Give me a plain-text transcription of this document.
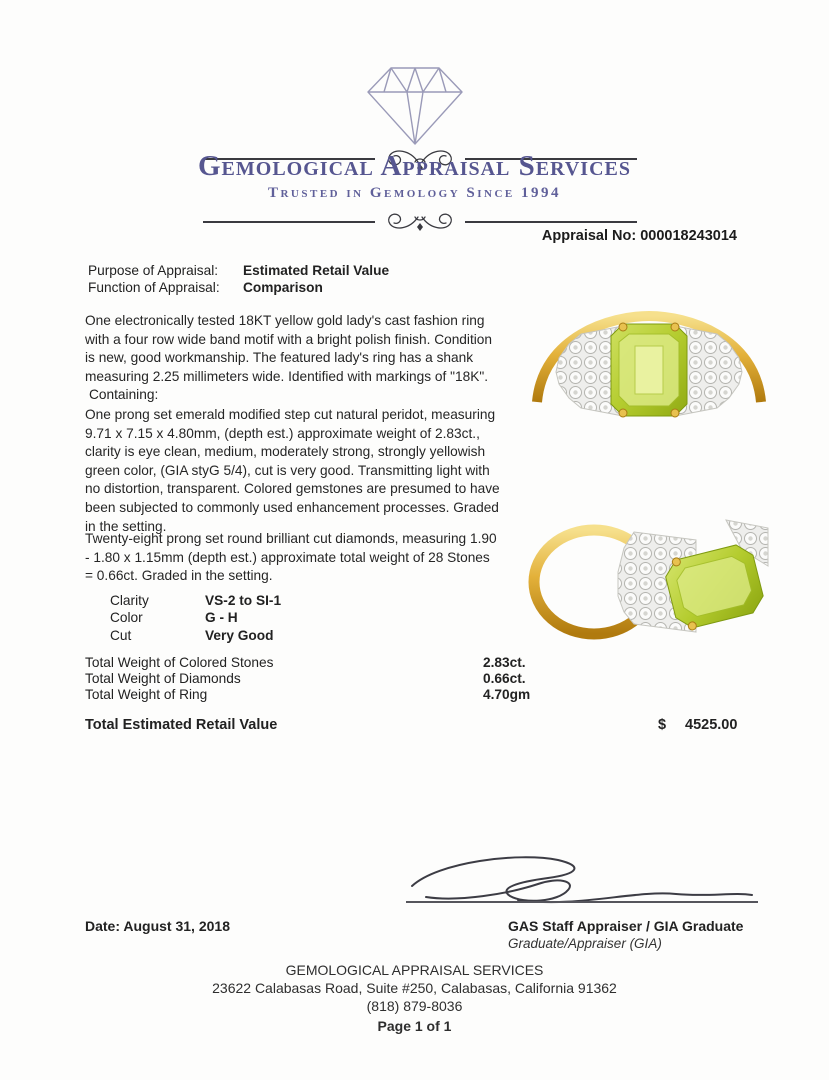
Gemological Appraisal Services
Trusted in Gemology Since 1994
Appraisal No: 000018243014
Purpose of Appraisal:	Estimated Retail Value
Function of Appraisal:	Comparison
One electronically tested 18KT yellow gold lady's cast fashion ring with a four row wide band motif with a bright polish finish. Condition is new, good workmanship. The featured lady's ring has a shank measuring 2.25 millimeters wide. Identified with markings of "18K".
Containing:
One prong set emerald modified step cut natural peridot, measuring 9.71 x 7.15 x 4.80mm, (depth est.) approximate weight of 2.83ct., clarity is eye clean, medium, moderately strong, strongly yellowish green color, (GIA styG 5/4), cut is very good. Transmitting light with no distortion, transparent. Colored gemstones are presumed to have been subjected to commonly used enhancement processes. Graded in the setting.
Twenty-eight prong set round brilliant cut diamonds, measuring 1.90 - 1.80 x 1.15mm (depth est.) approximate total weight of 28 Stones = 0.66ct. Graded in the setting.
Clarity	VS-2 to SI-1
Color	G - H
Cut	Very Good
Total Weight of Colored Stones	2.83ct.
Total Weight of Diamonds	0.66ct.
Total Weight of Ring	4.70gm
Total Estimated Retail Value	$ 4525.00
Date: August 31, 2018	GAS Staff Appraiser / GIA Graduate
Graduate/Appraiser (GIA)
GEMOLOGICAL APPRAISAL SERVICES
23622 Calabasas Road, Suite #250, Calabasas, California 91362
(818) 879-8036
Page 1 of 1
